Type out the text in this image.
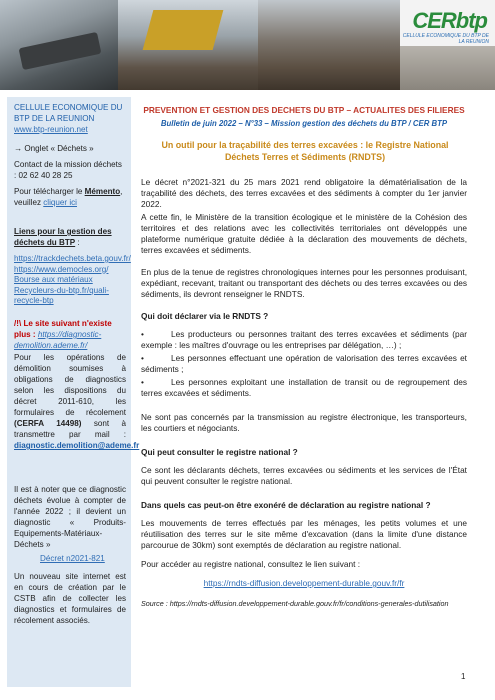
CERbtp
CELLULE ECONOMIQUE DU BTP DE LA REUNION
CELLULE ECONOMIQUE DU BTP DE LA REUNION
www.btp-reunion.net
→ Onglet « Déchets »
Contact de la mission déchets : 02 62 40 28 25
Pour télécharger le Mémento, veuillez cliquer ici
Liens pour la gestion des déchets du BTP :
https://trackdechets.beta.gouv.fr/
https://www.democles.org/
Bourse aux matériaux
Recycleurs-du-btp.fr/quali-recycle-btp
/!\ Le site suivant n'existe plus : https://diagnostic-demolition.ademe.fr/
Pour les opérations de démolition soumises à obligations de diagnostics selon les dispositions du décret 2011-610, les formulaires de récolement (CERFA 14498) sont à transmettre par mail : diagnostic.demolition@ademe.fr
Il est à noter que ce diagnostic déchets évolue à compter de l'année 2022 ; il devient un diagnostic « Produits-Equipements-Matériaux-Déchets »
Décret n2021-821
Un nouveau site internet est en cours de création par le CSTB afin de collecter les diagnostics et formulaires de récolement associés.
PREVENTION ET GESTION DES DECHETS DU BTP – ACTUALITES DES FILIERES
Bulletin de juin 2022 – N°33 – Mission gestion des déchets du BTP / CER BTP
Un outil pour la traçabilité des terres excavées : le Registre National Déchets Terres et Sédiments (RNDTS)
Le décret n°2021-321 du 25 mars 2021 rend obligatoire la dématérialisation de la traçabilité des déchets, des terres excavées et des sédiments à compter du 1er janvier 2022.
A cette fin, le Ministère de la transition écologique et le ministère de la Cohésion des territoires et des relations avec les collectivités territoriales ont développés une plateforme numérique gratuite dédiée à la déclaration des mouvements de déchets, terres excavées et sédiments.
En plus de la tenue de registres chronologiques internes pour les personnes produisant, expédiant, recevant, traitant ou transportant des déchets ou des terres excavées ou des sédiments, ils devront renseigner le RNDTS.
Qui doit déclarer via le RNDTS ?
•	Les producteurs ou personnes traitant des terres excavées et sédiments (par exemple : les maîtres d'ouvrage ou les entreprises par délégation, …) ;
•	Les personnes effectuant une opération de valorisation des terres excavées et sédiments ;
•	Les personnes exploitant une installation de transit ou de regroupement des terres excavées et sédiments.
Ne sont pas concernés par la transmission au registre électronique, les transporteurs, les courtiers et négociants.
Qui peut consulter le registre national ?
Ce sont les déclarants déchets, terres excavées ou sédiments et les services de l'État qui peuvent consulter le registre national.
Dans quels cas peut-on être exonéré de déclaration au registre national ?
Les mouvements de terres effectués par les ménages, les petits volumes et une réutilisation des terres sur le site même d'excavation (dans la limite d'une distance parcourue de 30km) sont exemptés de déclaration au registre national.
Pour accéder au registre national, consultez le lien suivant :
https://rndts-diffusion.developpement-durable.gouv.fr/fr
Source : https://rndts-diffusion.developpement-durable.gouv.fr/fr/conditions-generales-dutilisation
1
